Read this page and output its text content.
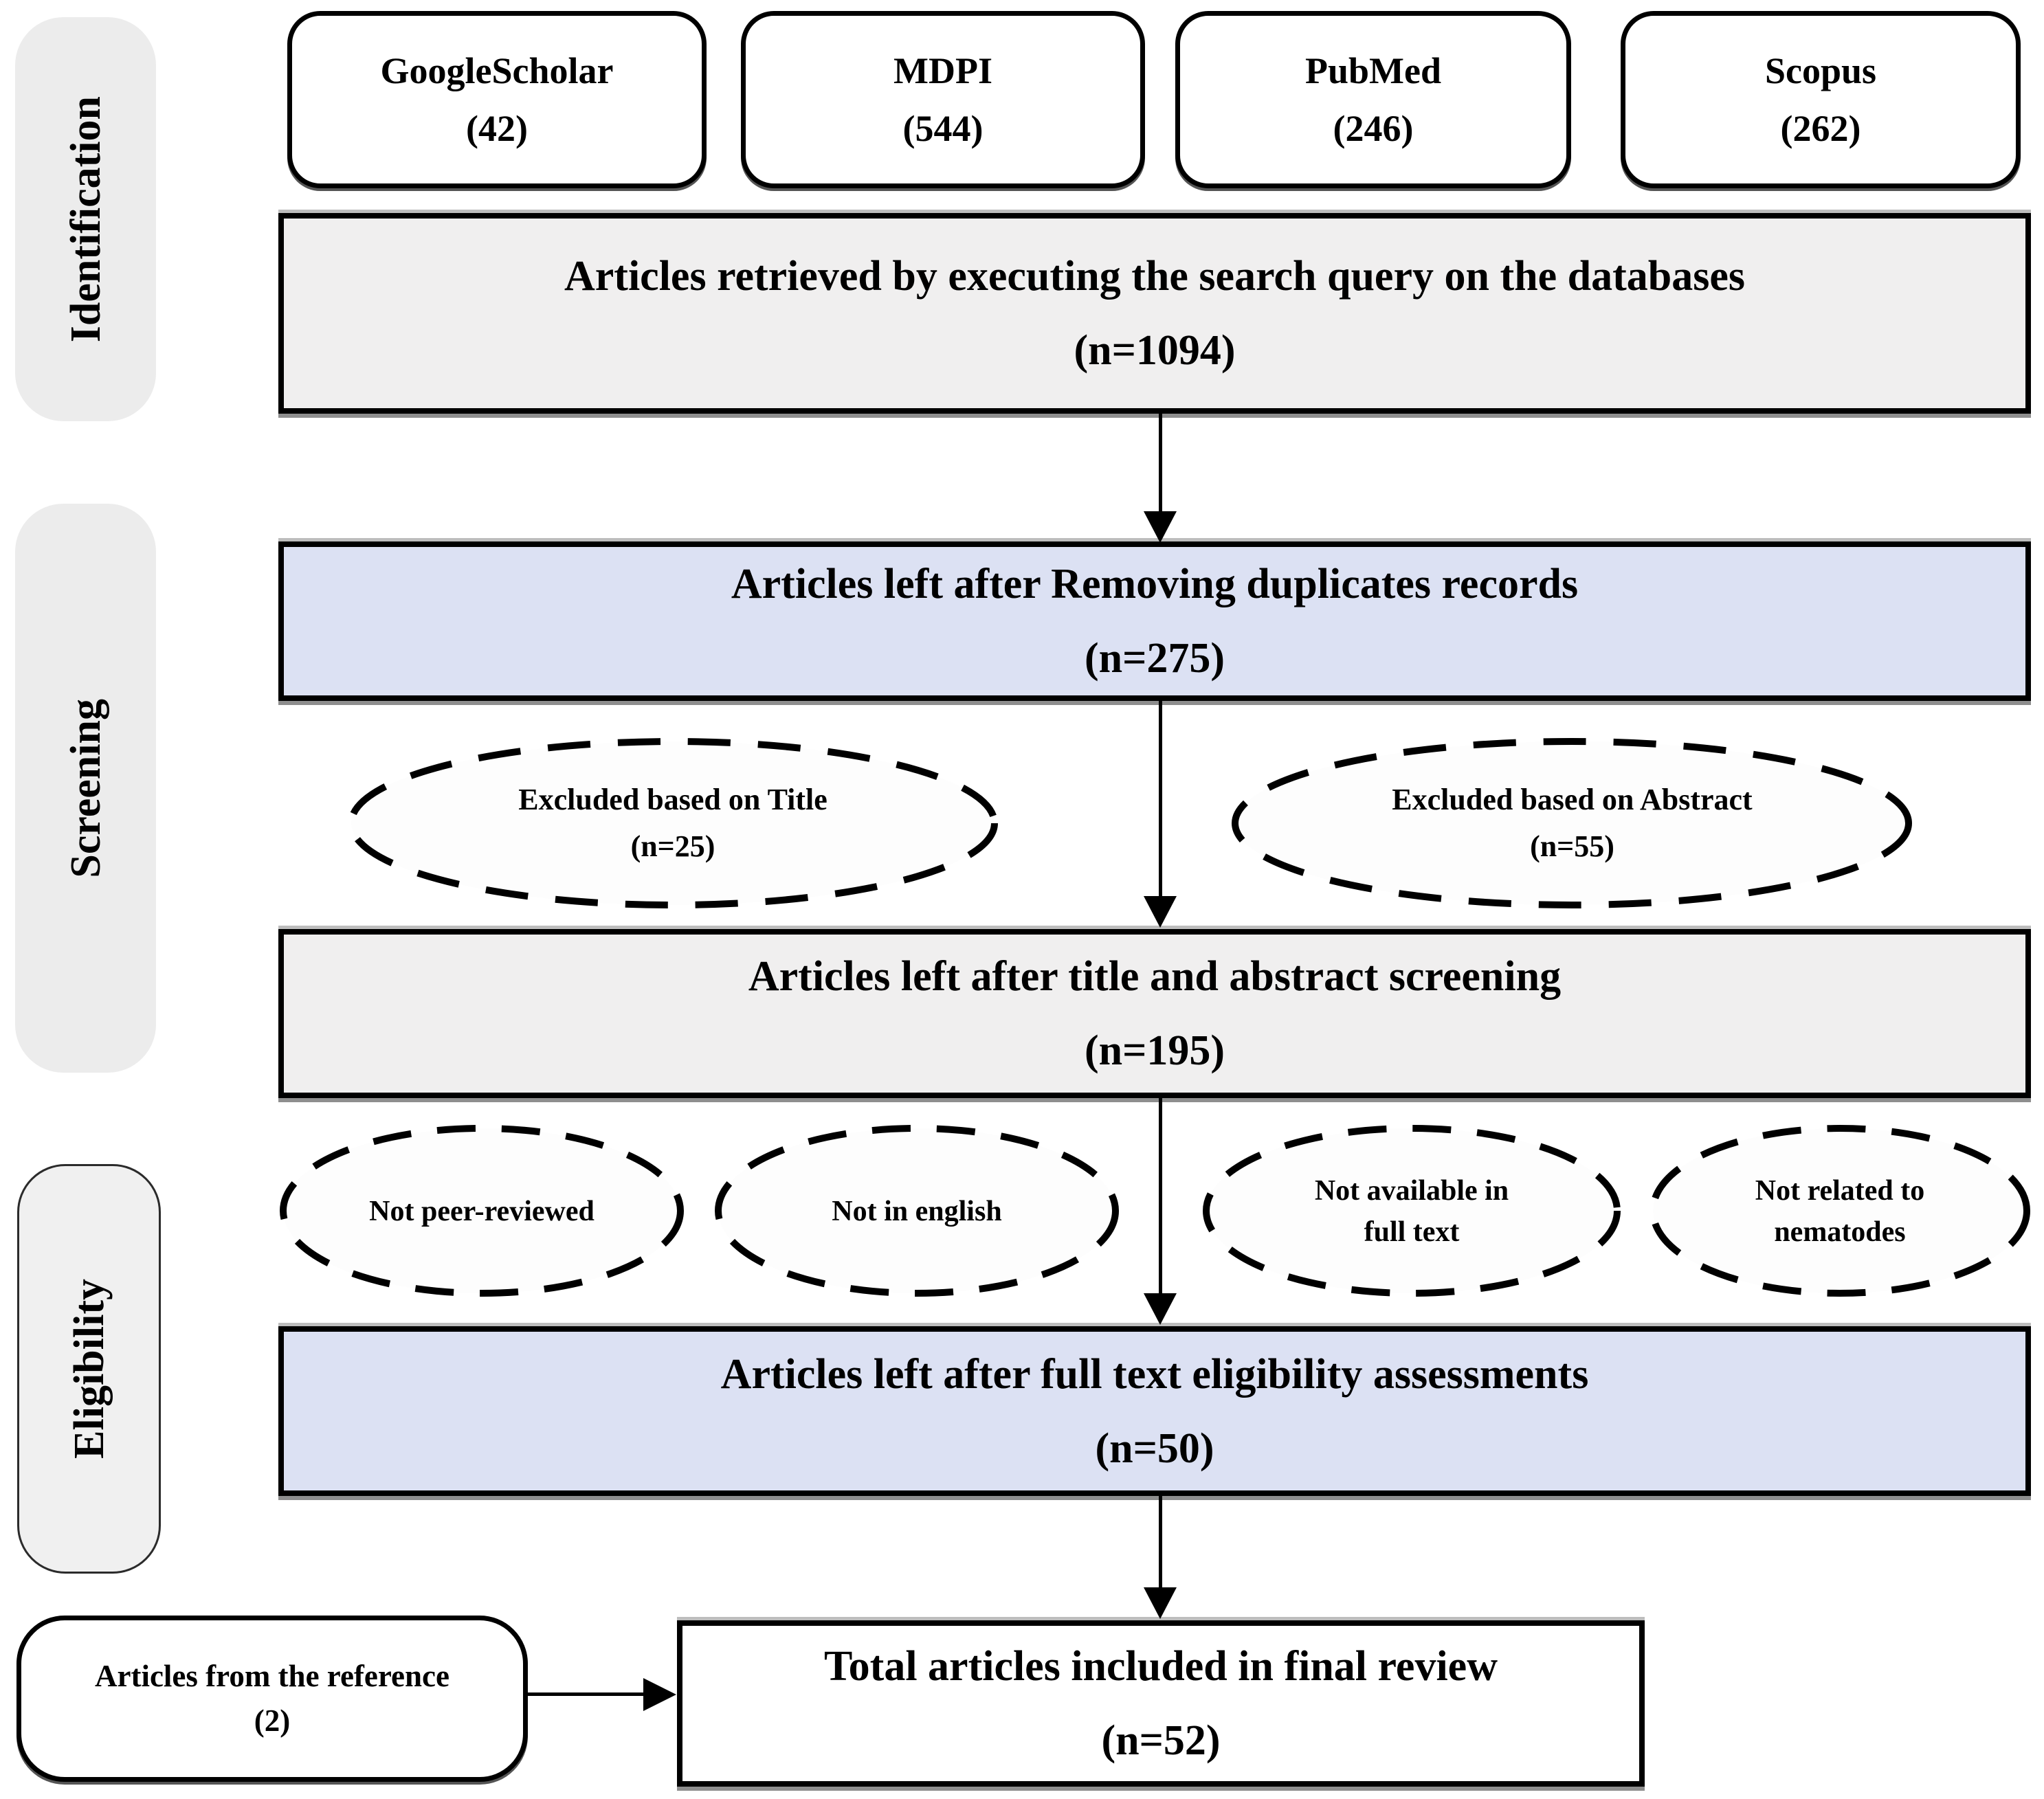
Identification
Screening
Eligibility
GoogleScholar
(42)
MDPI
(544)
PubMed
(246)
Scopus
(262)
Articles retrieved by executing the search query on the databases
(n=1094)
Articles left after Removing duplicates records
(n=275)
Articles left after title and abstract screening
(n=195)
Articles left after full text eligibility assessments
(n=50)
Total articles included in final review
(n=52)
Articles from the reference
(2)
Excluded based on Title
(n=25)
Excluded based on Abstract
(n=55)
Not peer-reviewed	Not in english
Not available in
full text
Not related to
nematodes
